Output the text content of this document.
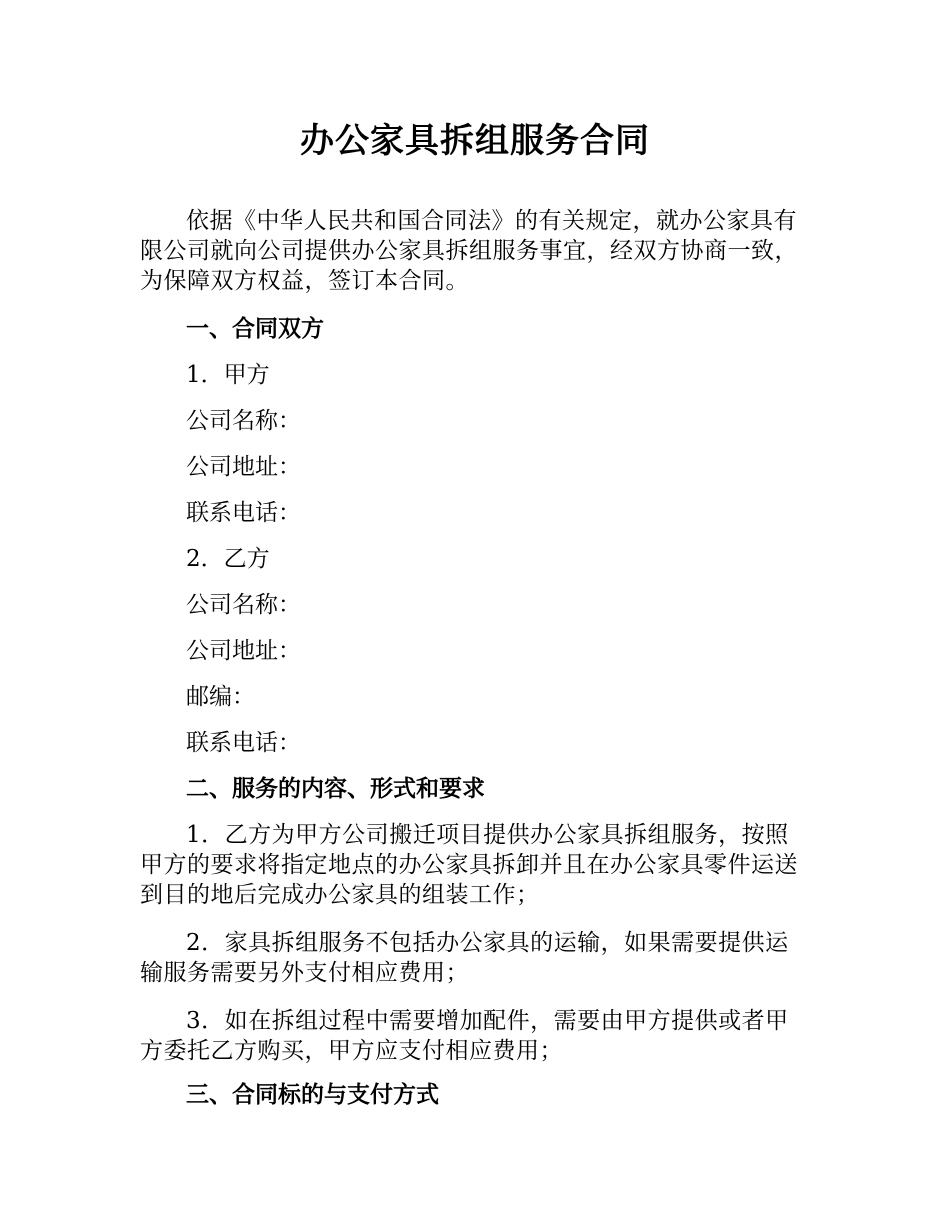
办公家具拆组服务合同
依据《中华人民共和国合同法》的有关规定，就办公家具有限公司就向公司提供办公家具拆组服务事宜，经双方协商一致，为保障双方权益，签订本合同。
一、合同双方
1．甲方
公司名称：
公司地址：
联系电话：
2．乙方
公司名称：
公司地址：
邮编：
联系电话：
二、服务的内容、形式和要求
1．乙方为甲方公司搬迁项目提供办公家具拆组服务，按照甲方的要求将指定地点的办公家具拆卸并且在办公家具零件运送到目的地后完成办公家具的组装工作；
2．家具拆组服务不包括办公家具的运输，如果需要提供运输服务需要另外支付相应费用；
3．如在拆组过程中需要增加配件，需要由甲方提供或者甲方委托乙方购买，甲方应支付相应费用；
三、合同标的与支付方式
